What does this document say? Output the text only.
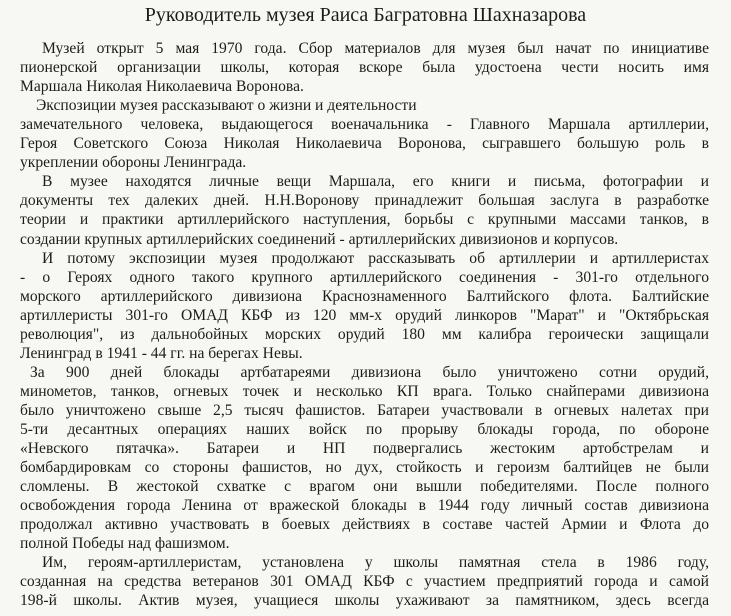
Руководитель музея Раиса Багратовна Шахназарова
Музей открыт 5 мая 1970 года. Сбор материалов для музея был начат по инициативе
пионерской организации школы, которая вскоре была удостоена чести носить имя
Маршала Николая Николаевича Воронова.
Экспозиции музея рассказывают о жизни и деятельности
замечательного человека, выдающегося военачальника - Главного Маршала артиллерии,
Героя Советского Союза Николая Николаевича Воронова, сыгравшего большую роль в
укреплении обороны Ленинграда.
В музее находятся личные вещи Маршала, его книги и письма, фотографии и
документы тех далеких дней. Н.Н.Воронову принадлежит большая заслуга в разработке
теории и практики артиллерийского наступления, борьбы с крупными массами танков, в
создании крупных артиллерийских соединений - артиллерийских дивизионов и корпусов.
И потому экспозиции музея продолжают рассказывать об артиллерии и артиллеристах
- о Героях одного такого крупного артиллерийского соединения - 301-го отдельного
морского артиллерийского дивизиона Краснознаменного Балтийского флота. Балтийские
артиллеристы 301-го ОМАД КБФ из 120 мм-х орудий линкоров "Марат" и "Октябрьская
революция", из дальнобойных морских орудий 180 мм калибра героически защищали
Ленинград в 1941 - 44 гг. на берегах Невы.
За 900 дней блокады артбатареями дивизиона было уничтожено сотни орудий,
минометов, танков, огневых точек и несколько КП врага. Только снайперами дивизиона
было уничтожено свыше 2,5 тысяч фашистов. Батареи участвовали в огневых налетах при
5-ти десантных операциях наших войск по прорыву блокады города, по обороне
«Невского пятачка». Батареи и НП подвергались жестоким артобстрелам и
бомбардировкам со стороны фашистов, но дух, стойкость и героизм балтийцев не были
сломлены. В жестокой схватке с врагом они вышли победителями. После полного
освобождения города Ленина от вражеской блокады в 1944 году личный состав дивизиона
продолжал активно участвовать в боевых действиях в составе частей Армии и Флота до
полной Победы над фашизмом.
Им, героям-артиллеристам, установлена у школы памятная стела в 1986 году,
созданная на средства ветеранов 301 ОМАД КБФ с участием предприятий города и самой
198-й школы. Актив музея, учащиеся школы ухаживают за памятником, здесь всегда
